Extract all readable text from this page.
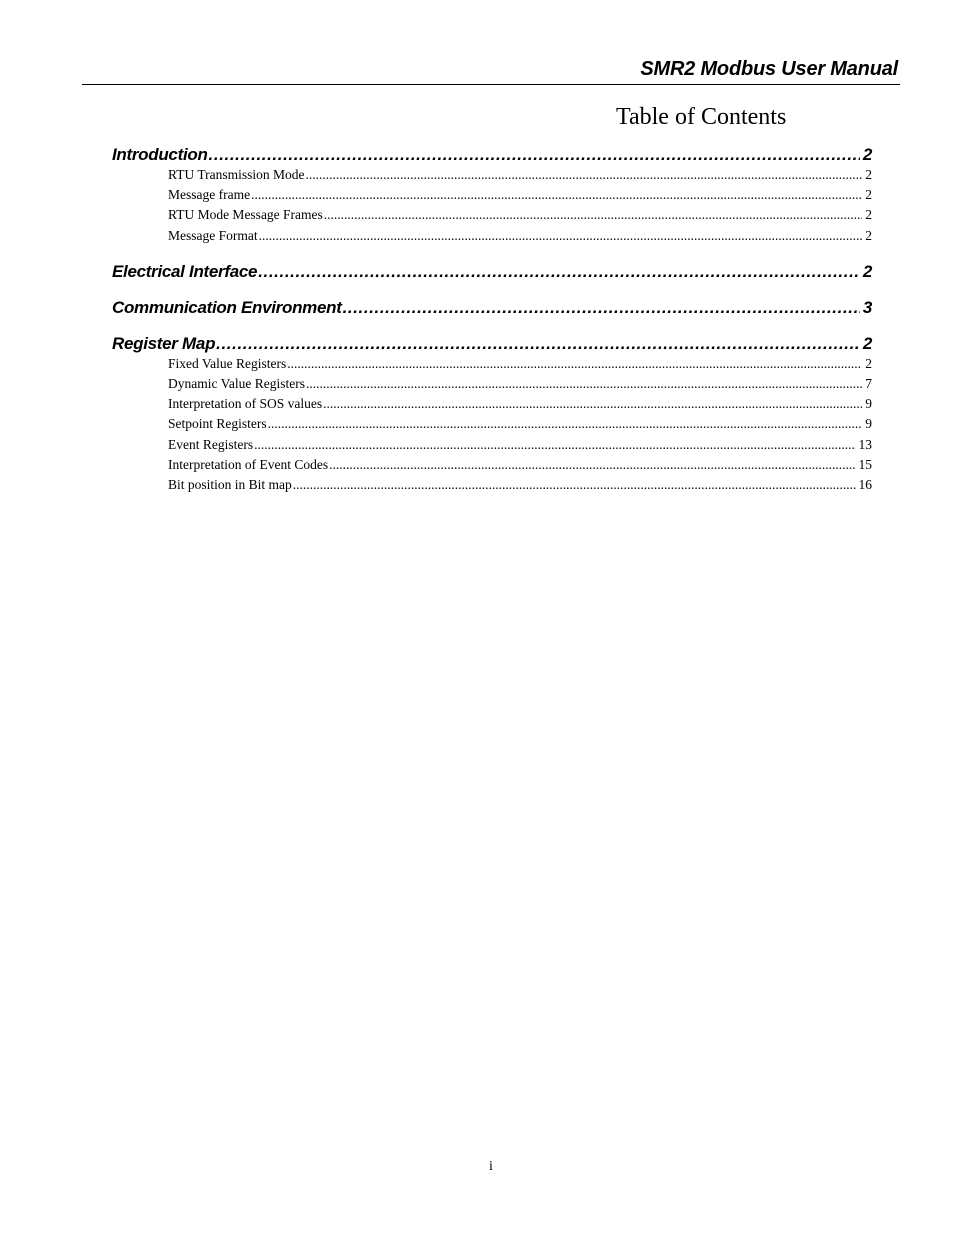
SMR2 Modbus User Manual
Table of Contents
Introduction .....	2
RTU Transmission Mode .....	2
Message frame .....	2
RTU Mode Message Frames .....	2
Message Format .....	2
Electrical Interface .....	2
Communication Environment .....	3
Register Map .....	2
Fixed Value Registers .....	2
Dynamic Value Registers .....	7
Interpretation of SOS values .....	9
Setpoint Registers .....	9
Event Registers .....	13
Interpretation of Event Codes .....	15
Bit position in Bit map .....	16
i
